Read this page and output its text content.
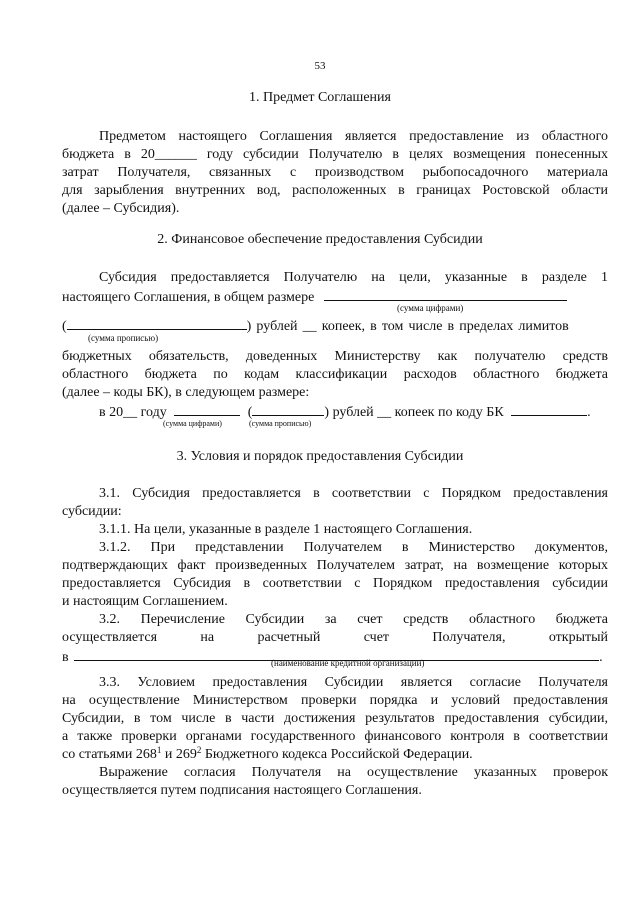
53
1. Предмет Соглашения
Предметом настоящего Соглашения является предоставление из областного
бюджета в 20______ году субсидии Получателю в целях возмещения понесенных
затрат Получателя, связанных с производством рыбопосадочного материала
для зарыбления внутренних вод, расположенных в границах Ростовской области
(далее – Субсидия).
2. Финансовое обеспечение предоставления Субсидии
Субсидия предоставляется Получателю на цели, указанные в разделе 1
настоящего Соглашения, в общем размере
(сумма цифрами)
(	) рублей __ копеек, в том числе в пределах лимитов
(сумма прописью)
бюджетных обязательств, доведенных Министерству как получателю средств
областного бюджета по кодам классификации расходов областного бюджета
(далее – коды БК), в следующем размере:
в 20__ году	(	) рублей __ копеек по коду БК	.
(сумма цифрами)	(сумма прописью)
3. Условия и порядок предоставления Субсидии
3.1. Субсидия предоставляется в соответствии с Порядком предоставления
субсидии:
3.1.1. На цели, указанные в разделе 1 настоящего Соглашения.
3.1.2. При представлении Получателем в Министерство документов,
подтверждающих факт произведенных Получателем затрат, на возмещение которых
предоставляется Субсидия в соответствии с Порядком предоставления субсидии
и настоящим Соглашением.
3.2. Перечисление Субсидии за счет средств областного бюджета
осуществляется на расчетный счет Получателя, открытый
в	.
(наименование кредитной организации)
3.3. Условием предоставления Субсидии является согласие Получателя
на осуществление Министерством проверки порядка и условий предоставления
Субсидии, в том числе в части достижения результатов предоставления субсидии,
а также проверки органами государственного финансового контроля в соответствии
со статьями $268^1$ и $269^2$ Бюджетного кодекса Российской Федерации.
Выражение согласия Получателя на осуществление указанных проверок
осуществляется путем подписания настоящего Соглашения.
